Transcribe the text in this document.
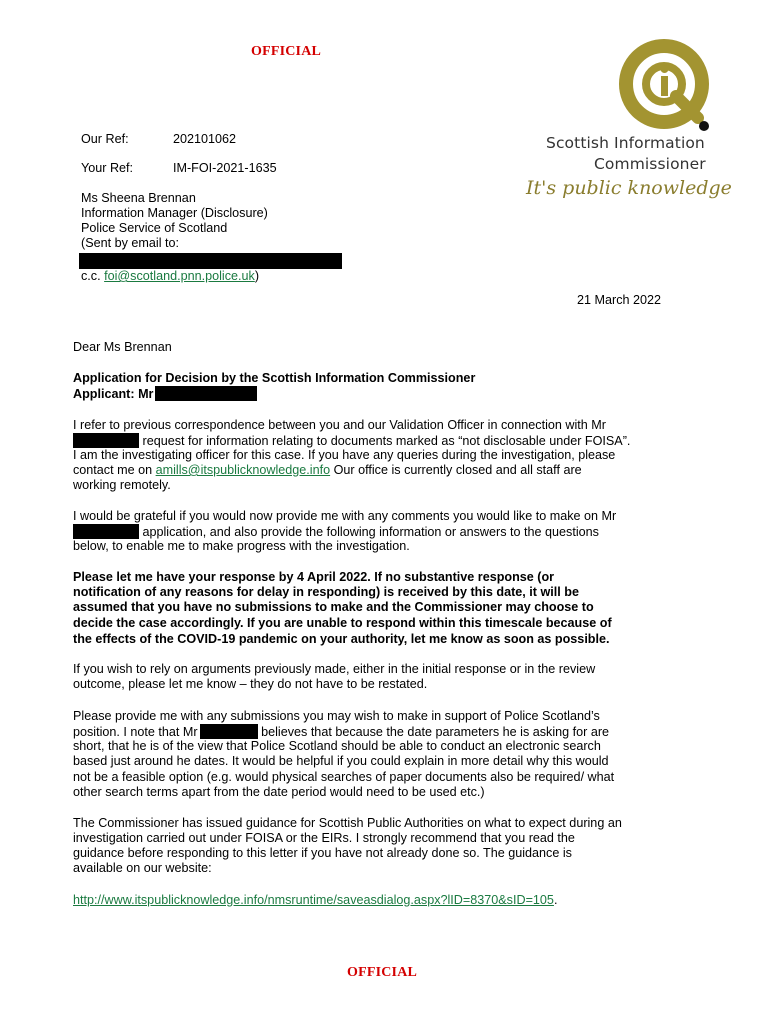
OFFICIAL
Scottish Information
Commissioner
It's public knowledge
Our Ref:	202101062
Your Ref:	IM-FOI-2021-1635
Ms Sheena Brennan
Information Manager (Disclosure)
Police Service of Scotland
(Sent by email to:
c.c. foi@scotland.pnn.police.uk)
21 March 2022
Dear Ms Brennan
Application for Decision by the Scottish Information Commissioner
Applicant: Mr
I refer to previous correspondence between you and our Validation Officer in connection with Mr
request for information relating to documents marked as “not disclosable under FOISA”.
I am the investigating officer for this case. If you have any queries during the investigation, please
contact me on amills@itspublicknowledge.info Our office is currently closed and all staff are
working remotely.
I would be grateful if you would now provide me with any comments you would like to make on Mr
application, and also provide the following information or answers to the questions
below, to enable me to make progress with the investigation.
Please let me have your response by 4 April 2022. If no substantive response (or
notification of any reasons for delay in responding) is received by this date, it will be
assumed that you have no submissions to make and the Commissioner may choose to
decide the case accordingly. If you are unable to respond within this timescale because of
the effects of the COVID-19 pandemic on your authority, let me know as soon as possible.
If you wish to rely on arguments previously made, either in the initial response or in the review
outcome, please let me know – they do not have to be restated.
Please provide me with any submissions you may wish to make in support of Police Scotland’s
position. I note that Mr	believes that because the date parameters he is asking for are
short, that he is of the view that Police Scotland should be able to conduct an electronic search
based just around he dates. It would be helpful if you could explain in more detail why this would
not be a feasible option (e.g. would physical searches of paper documents also be required/ what
other search terms apart from the date period would need to be used etc.)
The Commissioner has issued guidance for Scottish Public Authorities on what to expect during an
investigation carried out under FOISA or the EIRs. I strongly recommend that you read the
guidance before responding to this letter if you have not already done so. The guidance is
available on our website:
http://www.itspublicknowledge.info/nmsruntime/saveasdialog.aspx?lID=8370&sID=105.
OFFICIAL
